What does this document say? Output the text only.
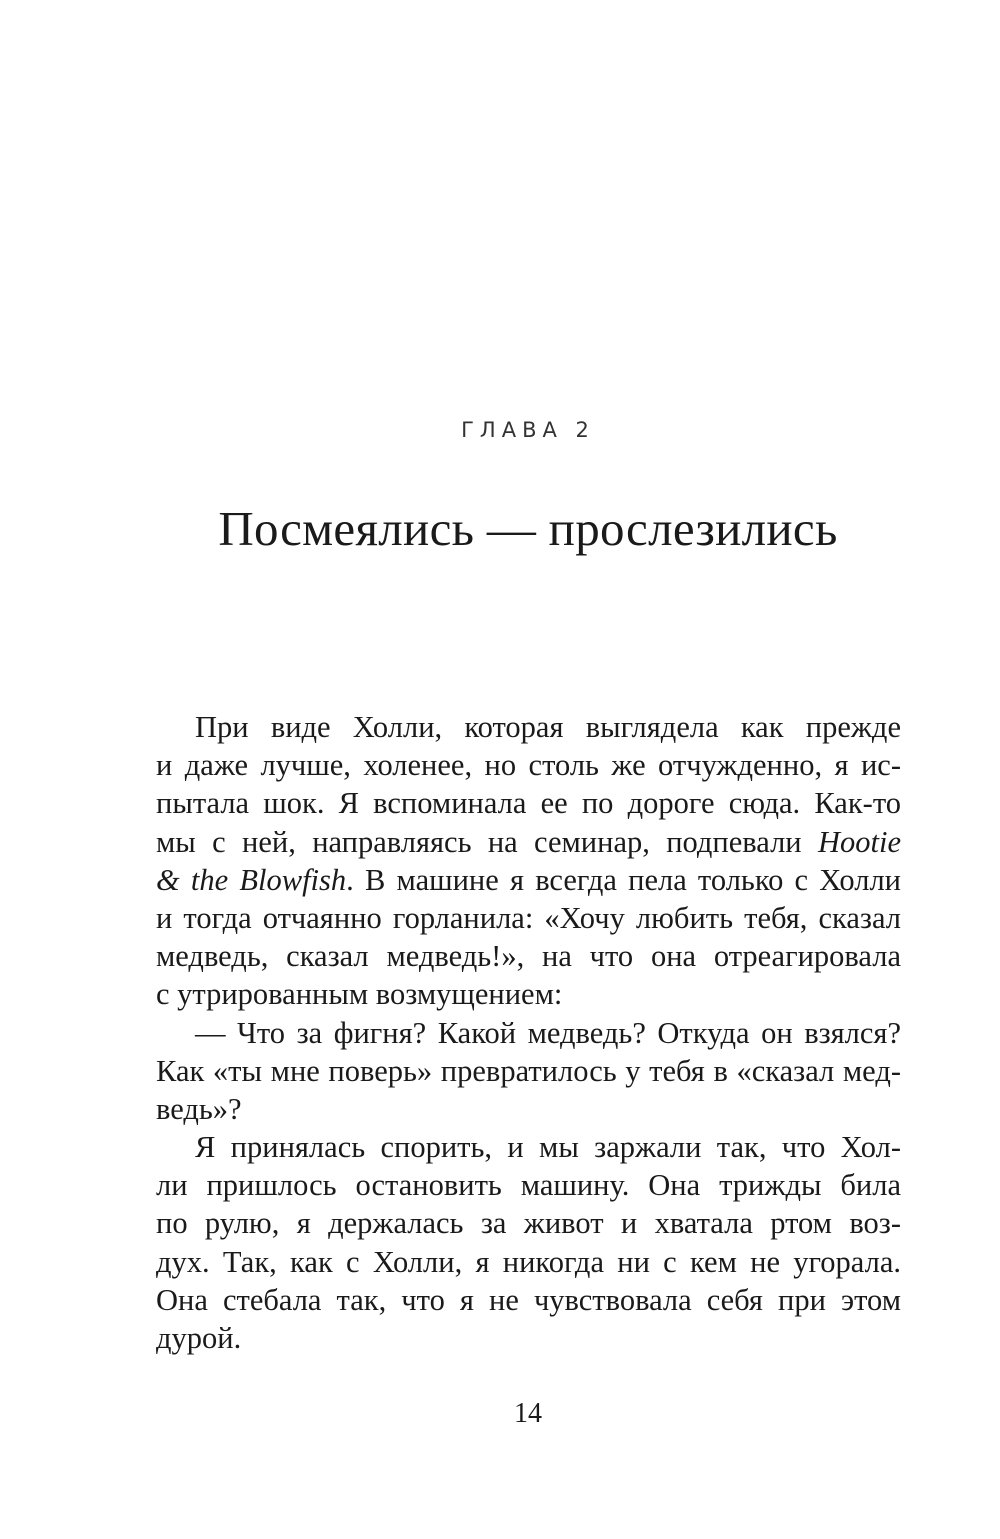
ГЛАВА 2
Посмеялись — прослезились
При виде Холли, которая выглядела как прежде
и даже лучше, холенее, но столь же отчужденно, я ис-
пытала шок. Я вспоминала ее по дороге сюда. Как-то
мы с ней, направляясь на семинар, подпевали Hootie
& the Blowfish. В машине я всегда пела только с Холли
и тогда отчаянно горланила: «Хочу любить тебя, сказал
медведь, сказал медведь!», на что она отреагировала
с утрированным возмущением:
— Что за фигня? Какой медведь? Откуда он взялся?
Как «ты мне поверь» превратилось у тебя в «сказал мед-
ведь»?
Я принялась спорить, и мы заржали так, что Хол-
ли пришлось остановить машину. Она трижды била
по рулю, я держалась за живот и хватала ртом воз-
дух. Так, как с Холли, я никогда ни с кем не угорала.
Она стебала так, что я не чувствовала себя при этом
дурой.
14
